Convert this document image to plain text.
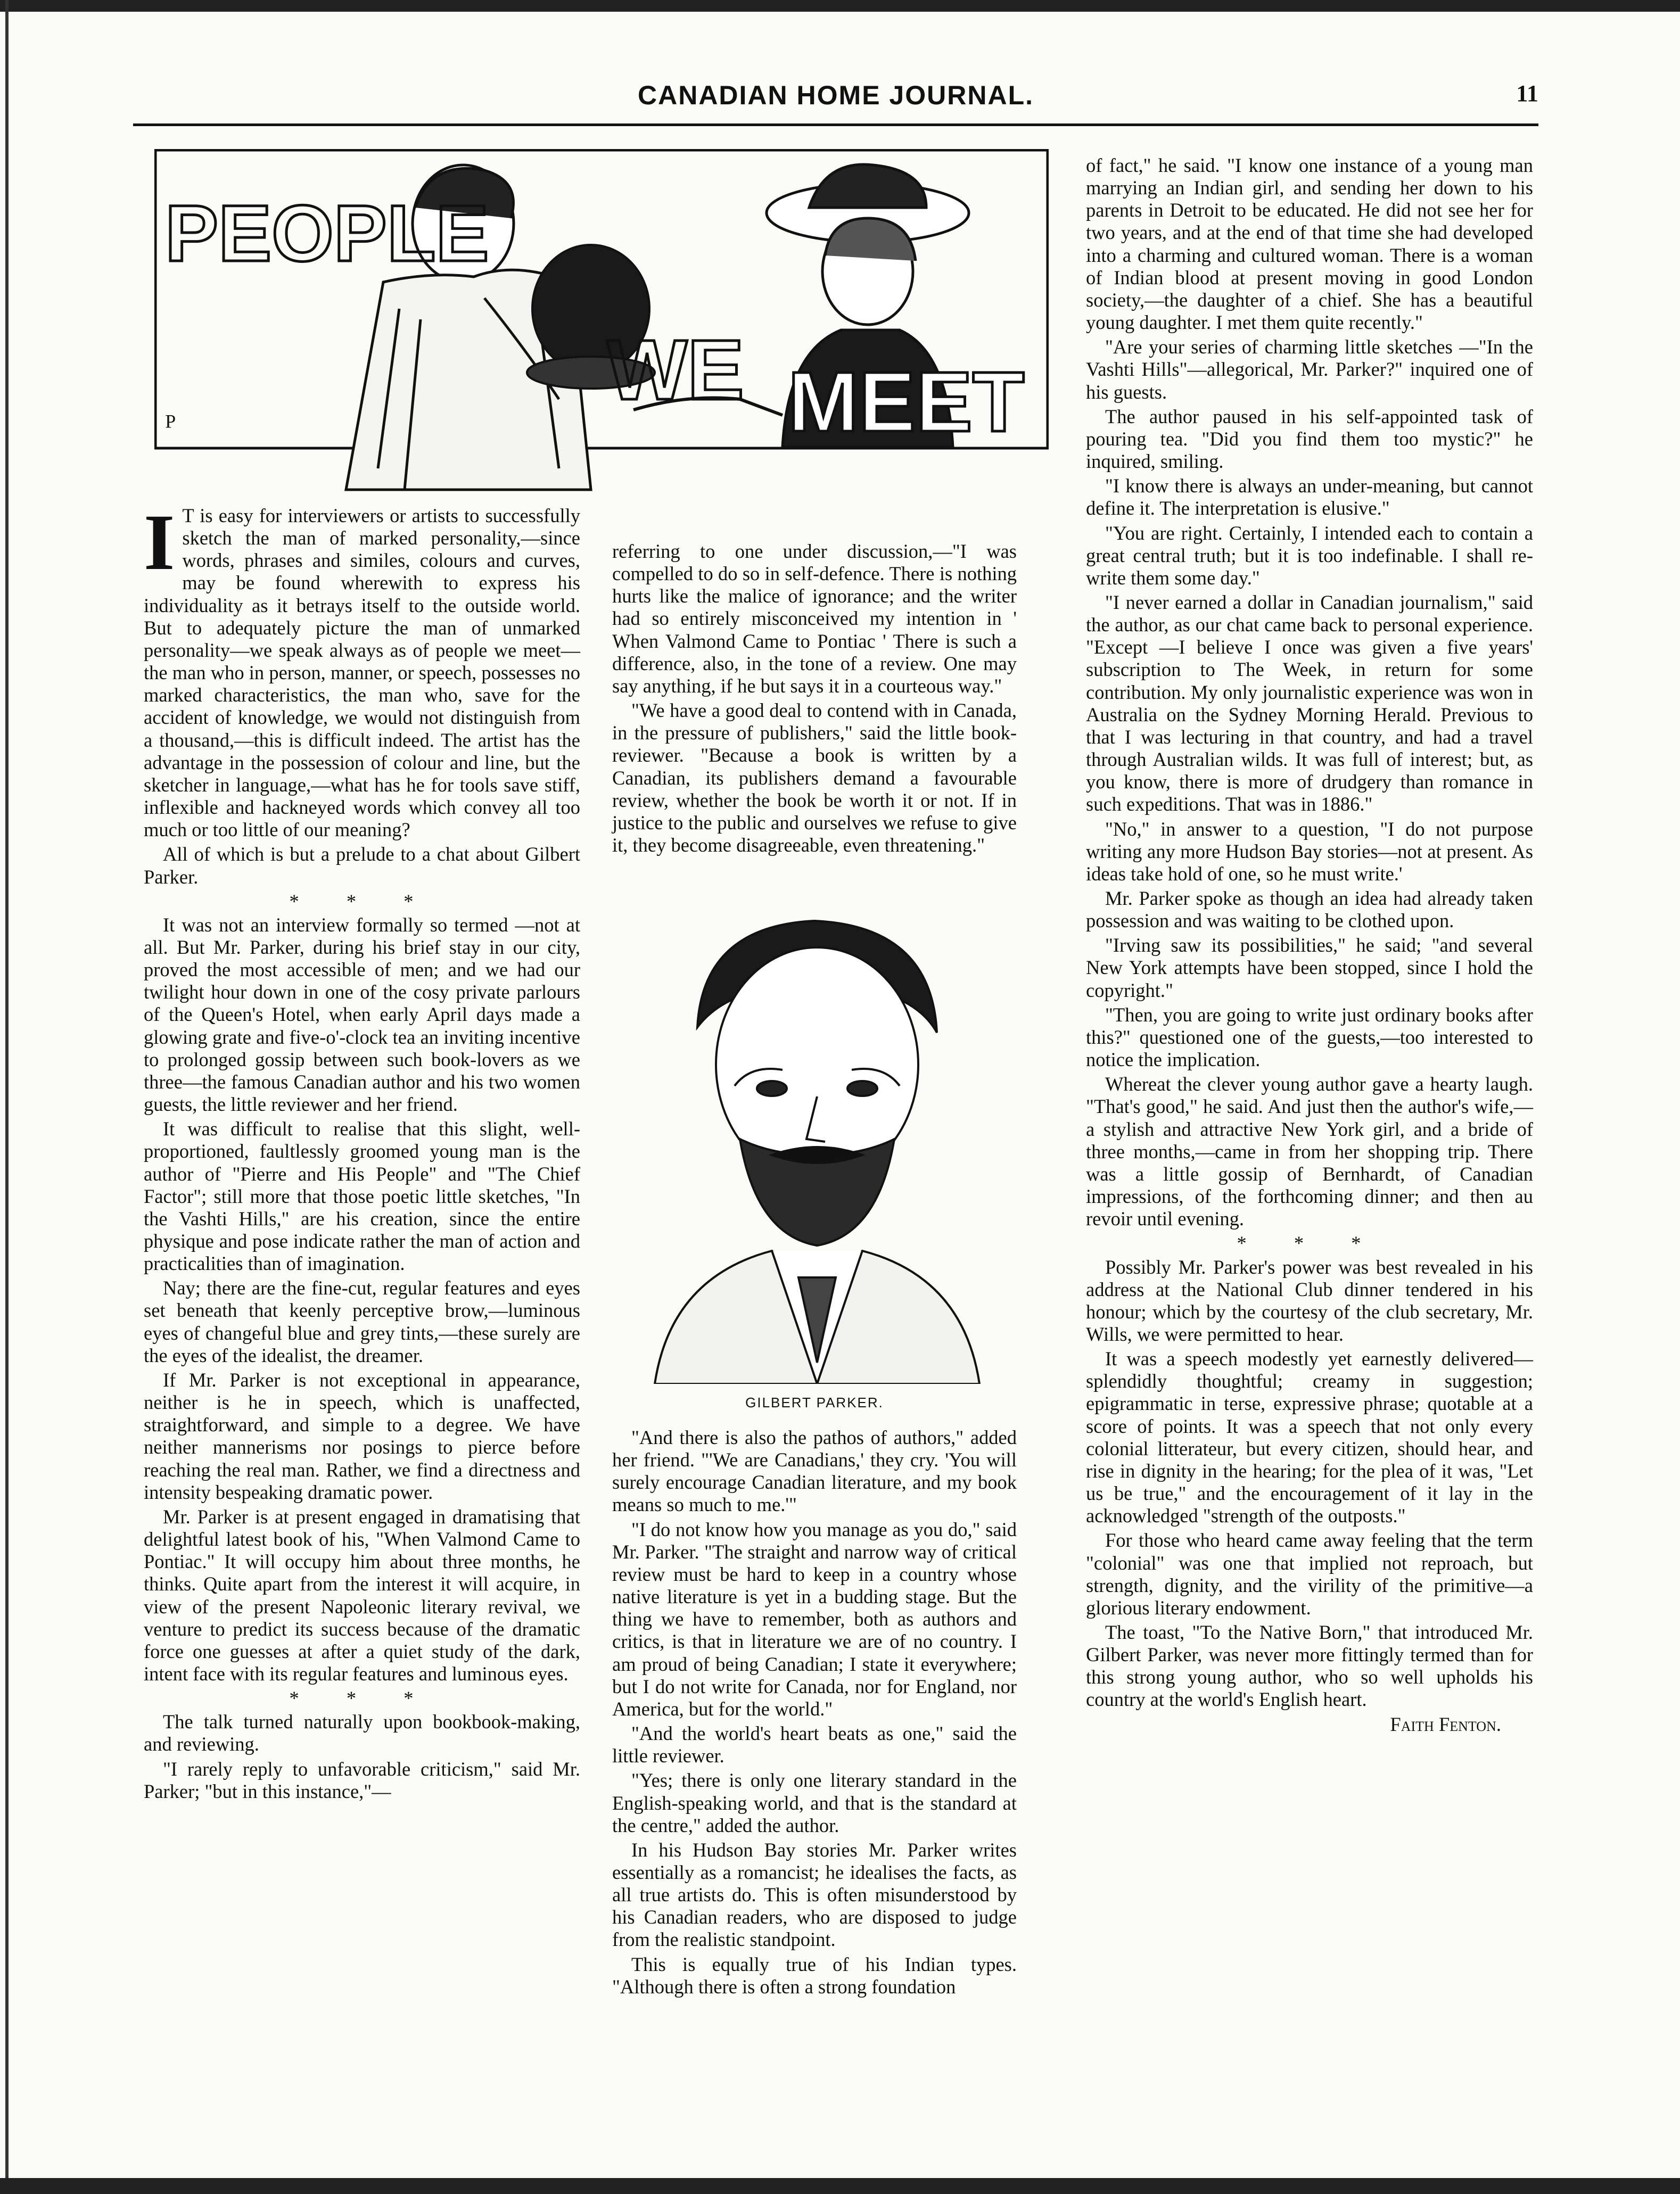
CANADIAN HOME JOURNAL.	11
PEOPLE
WE MEET
ᴾ
GILBERT PARKER.
I T is easy for interviewers or artists to successfully sketch the man of marked personality,—since words, phrases and similes, colours and curves, may be found wherewith to express his individuality as it betrays itself to the outside world. But to adequately picture the man of unmarked personality—we speak always as of people we meet—the man who in person, manner, or speech, possesses no marked characteristics, the man who, save for the accident of knowledge, we would not distinguish from a thousand,—this is difficult indeed. The artist has the advantage in the possession of colour and line, but the sketcher in language,—what has he for tools save stiff, inflexible and hackneyed words which convey all too much or too little of our meaning?

All of which is but a prelude to a chat about Gilbert Parker.

* * *

It was not an interview formally so termed —not at all. But Mr. Parker, during his brief stay in our city, proved the most accessible of men; and we had our twilight hour down in one of the cosy private parlours of the Queen's Hotel, when early April days made a glowing grate and five-o'-clock tea an inviting incentive to prolonged gossip between such book-lovers as we three—the famous Canadian author and his two women guests, the little reviewer and her friend.

It was difficult to realise that this slight, well-proportioned, faultlessly groomed young man is the author of "Pierre and His People" and "The Chief Factor"; still more that those poetic little sketches, "In the Vashti Hills," are his creation, since the entire physique and pose indicate rather the man of action and practicalities than of imagination.

Nay; there are the fine-cut, regular features and eyes set beneath that keenly perceptive brow,—luminous eyes of changeful blue and grey tints,—these surely are the eyes of the idealist, the dreamer.

If Mr. Parker is not exceptional in appearance, neither is he in speech, which is unaffected, straightforward, and simple to a degree. We have neither mannerisms nor posings to pierce before reaching the real man. Rather, we find a directness and intensity bespeaking dramatic power.

Mr. Parker is at present engaged in dramatising that delightful latest book of his, "When Valmond Came to Pontiac." It will occupy him about three months, he thinks. Quite apart from the interest it will acquire, in view of the present Napoleonic literary revival, we venture to predict its success because of the dramatic force one guesses at after a quiet study of the dark, intent face with its regular features and luminous eyes.

* * *

The talk turned naturally upon bookbook-making, and reviewing.

"I rarely reply to unfavorable criticism," said Mr. Parker; "but in this instance,"—

referring to one under discussion,—"I was compelled to do so in self-defence. There is nothing hurts like the malice of ignorance; and the writer had so entirely misconceived my intention in ' When Valmond Came to Pontiac ' There is such a difference, also, in the tone of a review. One may say anything, if he but says it in a courteous way."

"We have a good deal to contend with in Canada, in the pressure of publishers," said the little book-reviewer. "Because a book is written by a Canadian, its publishers demand a favourable review, whether the book be worth it or not. If in justice to the public and ourselves we refuse to give it, they become disagreeable, even threatening."

"And there is also the pathos of authors," added her friend. "'We are Canadians,' they cry. 'You will surely encourage Canadian literature, and my book means so much to me.'"

"I do not know how you manage as you do," said Mr. Parker. "The straight and narrow way of critical review must be hard to keep in a country whose native literature is yet in a budding stage. But the thing we have to remember, both as authors and critics, is that in literature we are of no country. I am proud of being Canadian; I state it everywhere; but I do not write for Canada, nor for England, nor America, but for the world."

"And the world's heart beats as one," said the little reviewer.

"Yes; there is only one literary standard in the English-speaking world, and that is the standard at the centre," added the author.

In his Hudson Bay stories Mr. Parker writes essentially as a romancist; he idealises the facts, as all true artists do. This is often misunderstood by his Canadian readers, who are disposed to judge from the realistic standpoint.

This is equally true of his Indian types. "Although there is often a strong foundation

of fact," he said. "I know one instance of a young man marrying an Indian girl, and sending her down to his parents in Detroit to be educated. He did not see her for two years, and at the end of that time she had developed into a charming and cultured woman. There is a woman of Indian blood at present moving in good London society,—the daughter of a chief. She has a beautiful young daughter. I met them quite recently."

"Are your series of charming little sketches —"In the Vashti Hills"—allegorical, Mr. Parker?" inquired one of his guests.

The author paused in his self-appointed task of pouring tea. "Did you find them too mystic?" he inquired, smiling.

"I know there is always an under-meaning, but cannot define it. The interpretation is elusive."

"You are right. Certainly, I intended each to contain a great central truth; but it is too indefinable. I shall re-write them some day."

"I never earned a dollar in Canadian journalism," said the author, as our chat came back to personal experience. "Except —I believe I once was given a five years' subscription to The Week, in return for some contribution. My only journalistic experience was won in Australia on the Sydney Morning Herald. Previous to that I was lecturing in that country, and had a travel through Australian wilds. It was full of interest; but, as you know, there is more of drudgery than romance in such expeditions. That was in 1886."

"No," in answer to a question, "I do not purpose writing any more Hudson Bay stories—not at present. As ideas take hold of one, so he must write.'

Mr. Parker spoke as though an idea had already taken possession and was waiting to be clothed upon.

"Irving saw its possibilities," he said; "and several New York attempts have been stopped, since I hold the copyright."

"Then, you are going to write just ordinary books after this?" questioned one of the guests,—too interested to notice the implication.

Whereat the clever young author gave a hearty laugh. "That's good," he said. And just then the author's wife,—a stylish and attractive New York girl, and a bride of three months,—came in from her shopping trip. There was a little gossip of Bernhardt, of Canadian impressions, of the forthcoming dinner; and then au revoir until evening.

* * *

Possibly Mr. Parker's power was best revealed in his address at the National Club dinner tendered in his honour; which by the courtesy of the club secretary, Mr. Wills, we were permitted to hear.

It was a speech modestly yet earnestly delivered—splendidly thoughtful; creamy in suggestion; epigrammatic in terse, expressive phrase; quotable at a score of points. It was a speech that not only every colonial litterateur, but every citizen, should hear, and rise in dignity in the hearing; for the plea of it was, "Let us be true," and the encouragement of it lay in the acknowledged "strength of the outposts."

For those who heard came away feeling that the term "colonial" was one that implied not reproach, but strength, dignity, and the virility of the primitive—a glorious literary endowment.

The toast, "To the Native Born," that introduced Mr. Gilbert Parker, was never more fittingly termed than for this strong young author, who so well upholds his country at the world's English heart.

Faith Fenton.
